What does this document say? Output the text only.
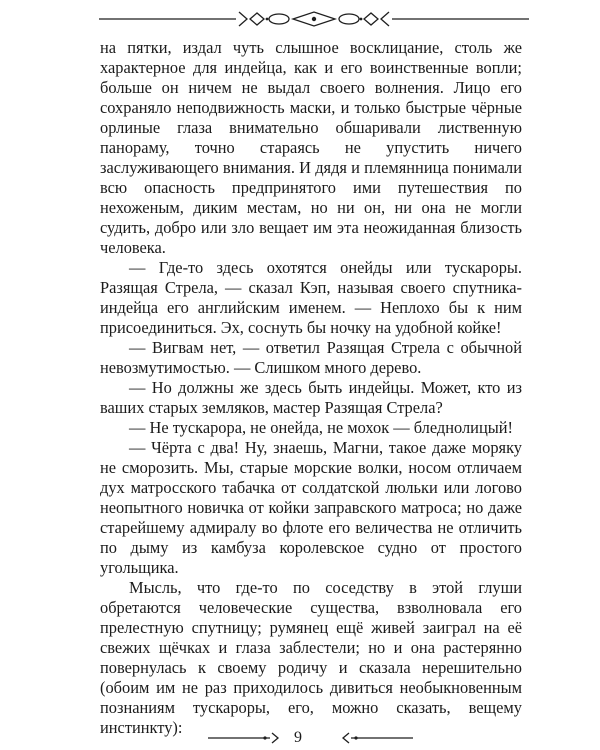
на пятки, издал чуть слышное восклицание, столь же характерное для индейца, как и его воинственные вопли; больше он ничем не выдал своего волнения. Лицо его сохраняло неподвижность маски, и только быстрые чёрные орлиные глаза внимательно обшаривали лиственную панораму, точно стараясь не упустить ничего заслуживающего внимания. И дядя и племянница понимали всю опасность предпринятого ими путешествия по нехоженым, диким местам, но ни он, ни она не могли судить, добро или зло вещает им эта неожиданная близость человека.

— Где-то здесь охотятся онейды или тускароры. Разящая Стрела, — сказал Кэп, называя своего спутника-индейца его английским именем. — Неплохо бы к ним присоединиться. Эх, соснуть бы ночку на удобной койке!

— Вигвам нет, — ответил Разящая Стрела с обычной невозмутимостью. — Слишком много дерево.

— Но должны же здесь быть индейцы. Может, кто из ваших старых земляков, мастер Разящая Стрела?

— Не тускарора, не онейда, не мохок — бледнолицый!

— Чёрта с два! Ну, знаешь, Магни, такое даже моряку не сморозить. Мы, старые морские волки, носом отличаем дух матросского табачка от солдатской люльки или логово неопытного новичка от койки заправского матроса; но даже старейшему адмиралу во флоте его величества не отличить по дыму из камбуза королевское судно от простого угольщика.

Мысль, что где-то по соседству в этой глуши обретаются человеческие существа, взволновала его прелестную спутницу; румянец ещё живей заиграл на её свежих щёчках и глаза заблестели; но и она растерянно повернулась к своему родичу и сказала нерешительно (обоим им не раз приходилось дивиться необыкновенным познаниям тускароры, его, можно сказать, вещему инстинкту):

9
